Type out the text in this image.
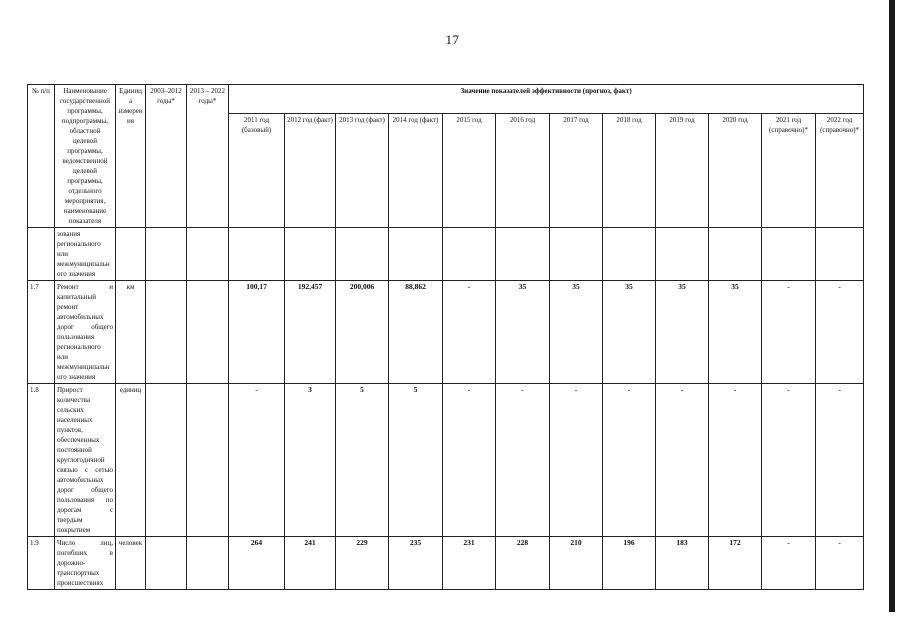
17
№ п/п	Наименование государственной программы, подпрограммы, областной целевой программы, ведомственной целевой программы, отдельного мероприятия, наименование показателя	Единица измерения	2003–2012 годы*	2013 – 2022 годы*	Значение показателей эффективности (прогноз, факт)											
					2011 год (базовый)	2012 год (факт)	2013 год (факт)	2014 год (факт)	2015 год	2016 год	2017 год	2018 год	2019 год	2020 год	2021 год (справочно)*	2022 год (справочно)*
	зования регионального или межмуниципального значения															
1.7	Ремонт и капитальный ремонт автомобильных дорог общего пользования регионального или межмуниципального значения	км			100,17	192,457	200,006	88,862	-	35	35	35	35	35	-	-
1.8	Прирост количества сельских населенных пунктов, обеспеченных постоянной круглогодичной связью с сетью автомобильных дорог общего пользования по дорогам с твердым покрытием	единиц			-	3	5	5	-	-	-	-	-	-	-	-
1.9	Число лиц, погибших в дорожно-транспортных происшествиях	человек			264	241	229	235	231	228	210	196	183	172	-	-
